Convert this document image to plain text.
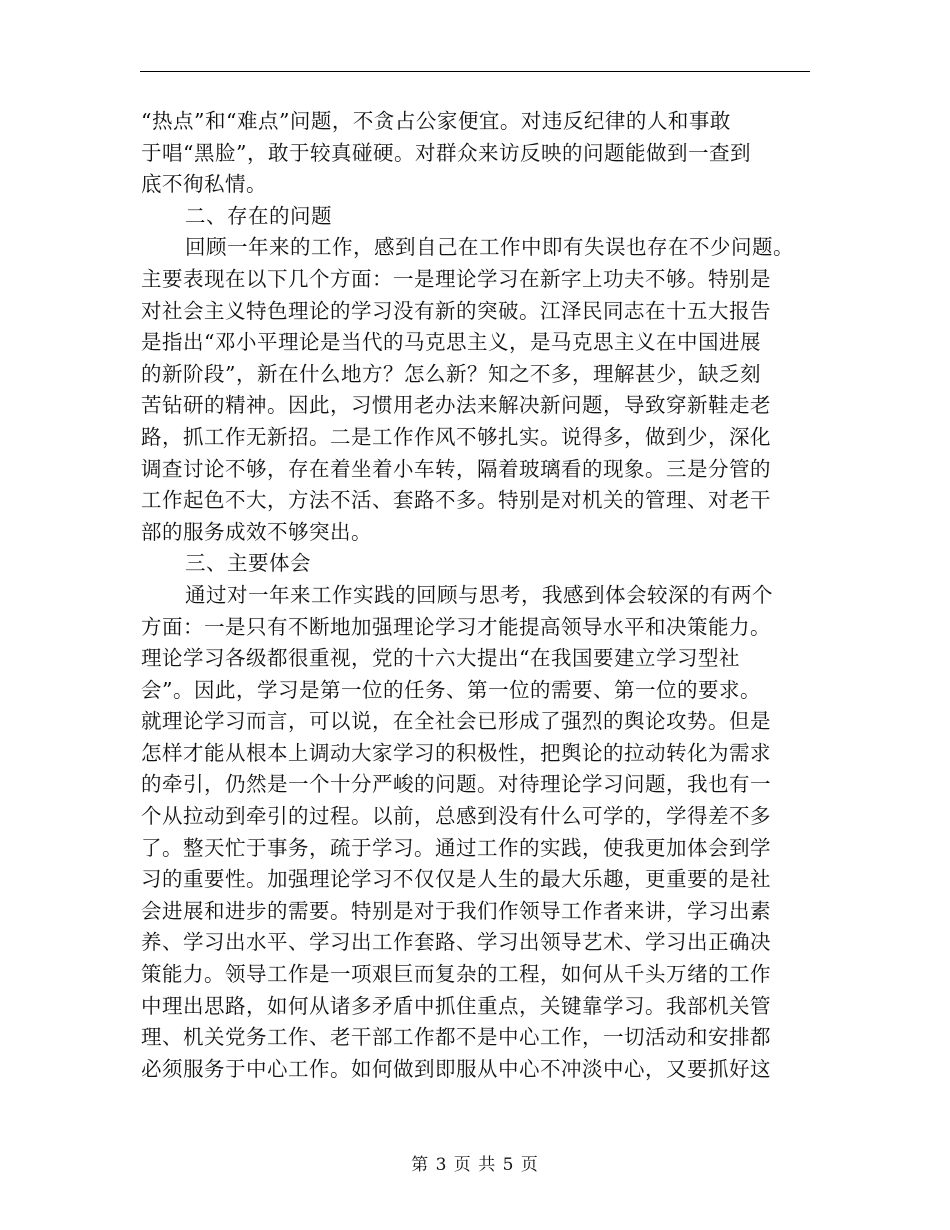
“热点”和“难点”问题，不贪占公家便宜。对违反纪律的人和事敢
于唱“黑脸”，敢于较真碰硬。对群众来访反映的问题能做到一查到
底不徇私情。
二、存在的问题
回顾一年来的工作，感到自己在工作中即有失误也存在不少问题。
主要表现在以下几个方面：一是理论学习在新字上功夫不够。特别是
对社会主义特色理论的学习没有新的突破。江泽民同志在十五大报告
是指出“邓小平理论是当代的马克思主义，是马克思主义在中国进展
的新阶段”，新在什么地方？怎么新？知之不多，理解甚少，缺乏刻
苦钻研的精神。因此，习惯用老办法来解决新问题，导致穿新鞋走老
路，抓工作无新招。二是工作作风不够扎实。说得多，做到少，深化
调查讨论不够，存在着坐着小车转，隔着玻璃看的现象。三是分管的
工作起色不大，方法不活、套路不多。特别是对机关的管理、对老干
部的服务成效不够突出。
三、主要体会
通过对一年来工作实践的回顾与思考，我感到体会较深的有两个
方面：一是只有不断地加强理论学习才能提高领导水平和决策能力。
理论学习各级都很重视，党的十六大提出“在我国要建立学习型社
会”。因此，学习是第一位的任务、第一位的需要、第一位的要求。
就理论学习而言，可以说，在全社会已形成了强烈的舆论攻势。但是
怎样才能从根本上调动大家学习的积极性，把舆论的拉动转化为需求
的牵引，仍然是一个十分严峻的问题。对待理论学习问题，我也有一
个从拉动到牵引的过程。以前，总感到没有什么可学的，学得差不多
了。整天忙于事务，疏于学习。通过工作的实践，使我更加体会到学
习的重要性。加强理论学习不仅仅是人生的最大乐趣，更重要的是社
会进展和进步的需要。特别是对于我们作领导工作者来讲，学习出素
养、学习出水平、学习出工作套路、学习出领导艺术、学习出正确决
策能力。领导工作是一项艰巨而复杂的工程，如何从千头万绪的工作
中理出思路，如何从诸多矛盾中抓住重点，关键靠学习。我部机关管
理、机关党务工作、老干部工作都不是中心工作，一切活动和安排都
必须服务于中心工作。如何做到即服从中心不冲淡中心，又要抓好这
第 3 页 共 5 页
